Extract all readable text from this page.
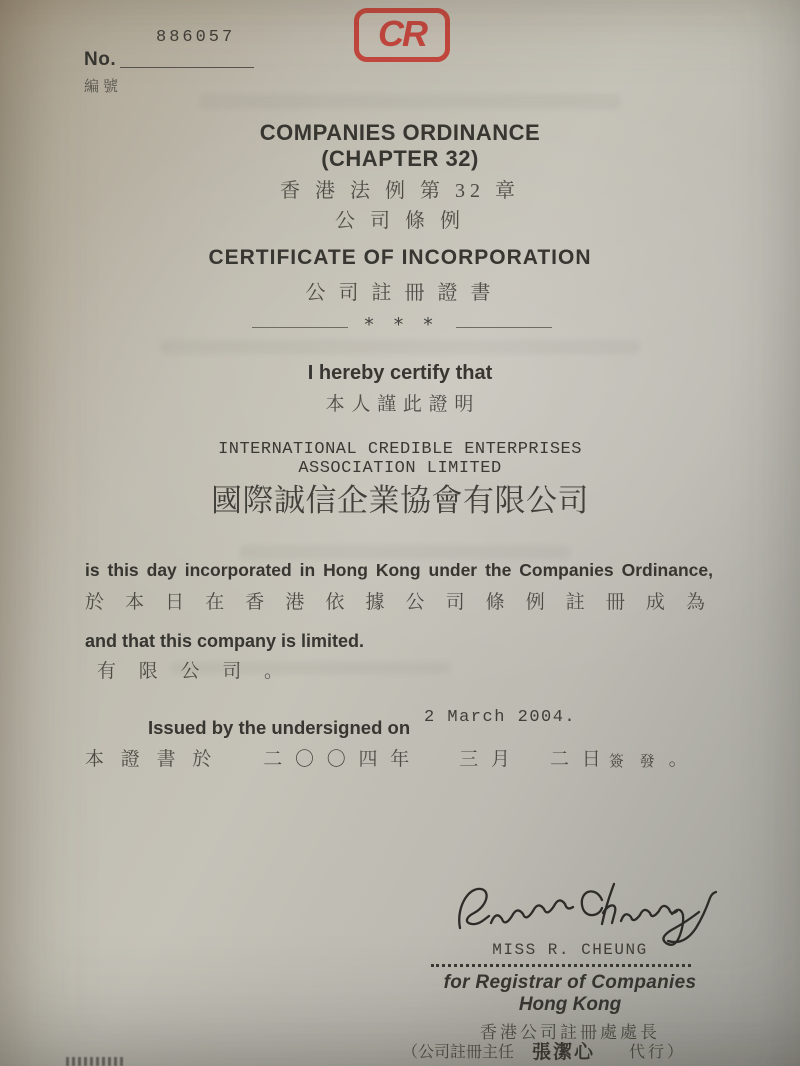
886057
No.
編號
CR
COMPANIES ORDINANCE
(CHAPTER 32)
香 港 法 例 第 32 章
公 司 條 例
CERTIFICATE OF INCORPORATION
公 司 註 冊 證 書
* * *
I hereby certify that
本 人 謹 此 證 明
INTERNATIONAL CREDIBLE ENTERPRISES
ASSOCIATION LIMITED
國際誠信企業協會有限公司
is this day incorporated in Hong Kong under the Companies Ordinance,
於 本 日 在 香 港 依 據 公 司 條 例 註 冊 成 為
and that this company is limited.
有 限 公 司 。
Issued by the undersigned on 2 March 2004.
本 證 書 於 二 〇 〇 四 年 三 月 二 日 簽 發 。
MISS R. CHEUNG
for Registrar of Companies
Hong Kong
香港公司註冊處處長
（公司註冊主任 張潔心 代行）
